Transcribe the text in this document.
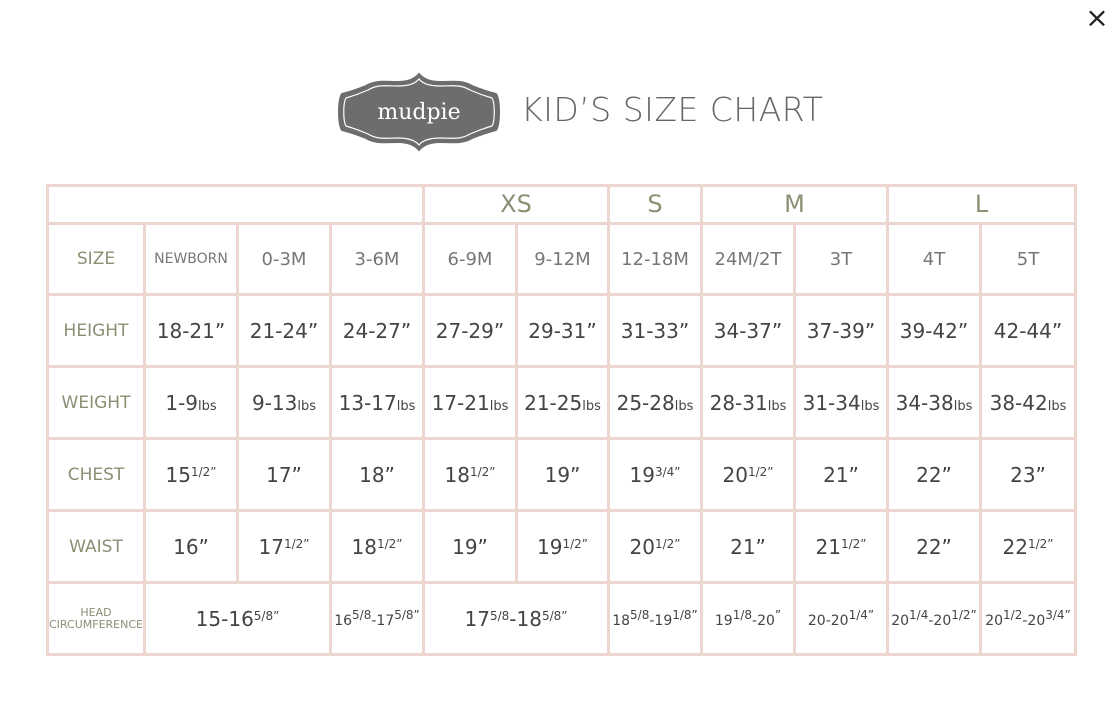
×
mudpie KID’S SIZE CHART
				XS		S	M		L	
SIZE	NEWBORN	0-3M	3-6M	6-9M	9-12M	12-18M	24M/2T	3T	4T	5T
HEIGHT	18-21”	21-24”	24-27”	27-29”	29-31”	31-33”	34-37”	37-39”	39-42”	42-44”
WEIGHT	1-9lbs	9-13lbs	13-17lbs	17-21lbs	21-25lbs	25-28lbs	28-31lbs	31-34lbs	34-38lbs	38-42lbs
CHEST	$15^{1/2”}$	17”	18”	$18^{1/2”}$	19”	$19^{3/4”}$	$20^{1/2”}$	21”	22”	23”
WAIST	16”	$17^{1/2”}$	$18^{1/2”}$	19”	$19^{1/2”}$	$20^{1/2”}$	21”	$21^{1/2”}$	22”	$22^{1/2”}$
HEAD
CIRCUMFERENCE	$15-16^{5/8”}$		$16^{5/8}-17^{5/8”}$	$17^{5/8}-18^{5/8”}$		$18^{5/8}-19^{1/8”}$	$19^{1/8}-20^”$	$20-20^{1/4”}$	$20^{1/4}-20^{1/2”}$	$20^{1/2}-20^{3/4”}$
